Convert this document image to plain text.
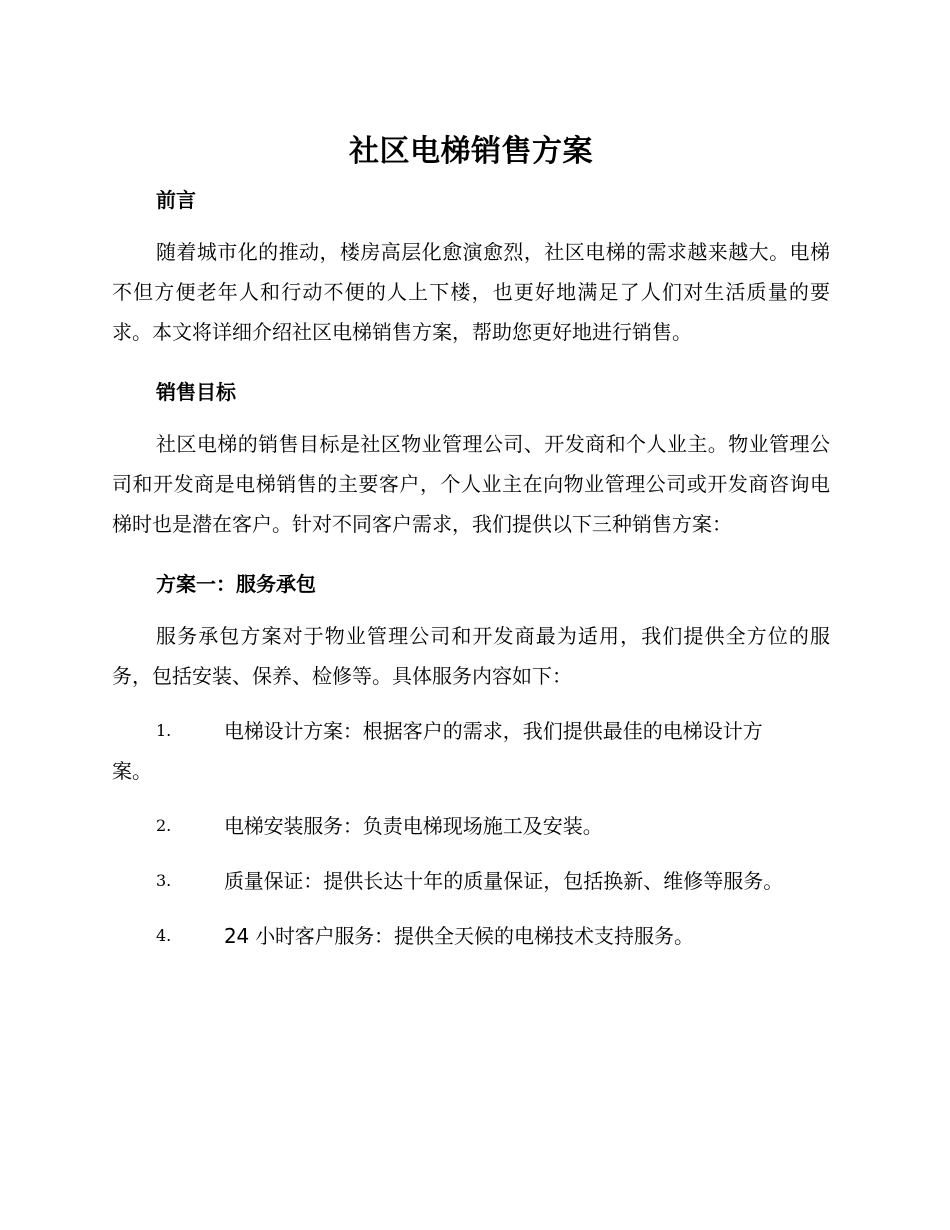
社区电梯销售方案
前言

随着城市化的推动，楼房高层化愈演愈烈，社区电梯的需求越来越大。电梯不但方便老年人和行动不便的人上下楼，也更好地满足了人们对生活质量的要求。本文将详细介绍社区电梯销售方案，帮助您更好地进行销售。

销售目标

社区电梯的销售目标是社区物业管理公司、开发商和个人业主。物业管理公司和开发商是电梯销售的主要客户，个人业主在向物业管理公司或开发商咨询电梯时也是潜在客户。针对不同客户需求，我们提供以下三种销售方案：

方案一：服务承包

服务承包方案对于物业管理公司和开发商最为适用，我们提供全方位的服务，包括安装、保养、检修等。具体服务内容如下：

1.	电梯设计方案：根据客户的需求，我们提供最佳的电梯设计方
案。
2.	电梯安装服务：负责电梯现场施工及安装。
3.	质量保证：提供长达十年的质量保证，包括换新、维修等服务。
4.	24 小时客户服务：提供全天候的电梯技术支持服务。
